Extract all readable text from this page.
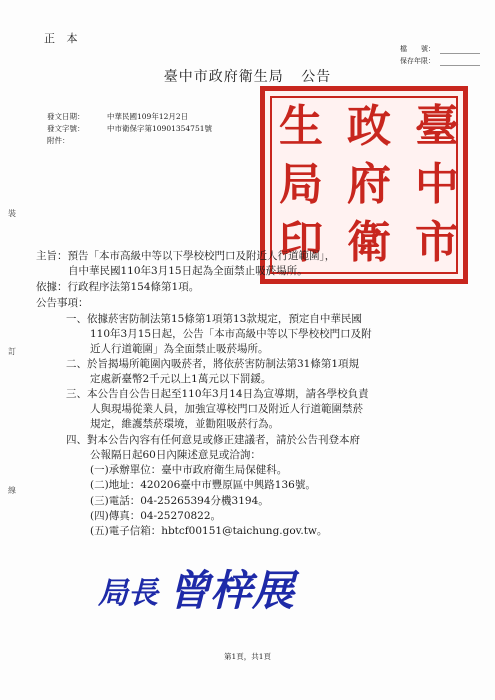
正 本
檔　　號：
保存年限：
臺中市政府衛生局 公告
發文日期：	中華民國109年12月2日
發文字號：	中市衛保字第10901354751號
附件：
裝
訂
線
臺
政
生
中
府
局
市
衛
印
主旨：預告「本市高級中等以下學校校門口及附近人行道範圍」，
自中華民國110年3月15日起為全面禁止吸菸場所。
依據：行政程序法第154條第1項。
公告事項：
一、依據菸害防制法第15條第1項第13款規定，預定自中華民國
110年3月15日起，公告「本市高級中等以下學校校門口及附
近人行道範圍」為全面禁止吸菸場所。
二、於旨揭場所範圍內吸菸者，將依菸害防制法第31條第1項規
定處新臺幣2千元以上1萬元以下罰鍰。
三、本公告自公告日起至110年3月14日為宣導期，請各學校負責
人與現場從業人員，加強宣導校門口及附近人行道範圍禁菸
規定，維護禁菸環境，並勸阻吸菸行為。
四、對本公告內容有任何意見或修正建議者，請於公告刊登本府
公報隔日起60日內陳述意見或洽詢：
(一)承辦單位：臺中市政府衛生局保健科。
(二)地址：420206臺中市豐原區中興路136號。
(三)電話：04-25265394分機3194。
(四)傳真：04-25270822。
(五)電子信箱：hbtcf00151@taichung.gov.tw。
局長 曾梓展
第1頁，共1頁
